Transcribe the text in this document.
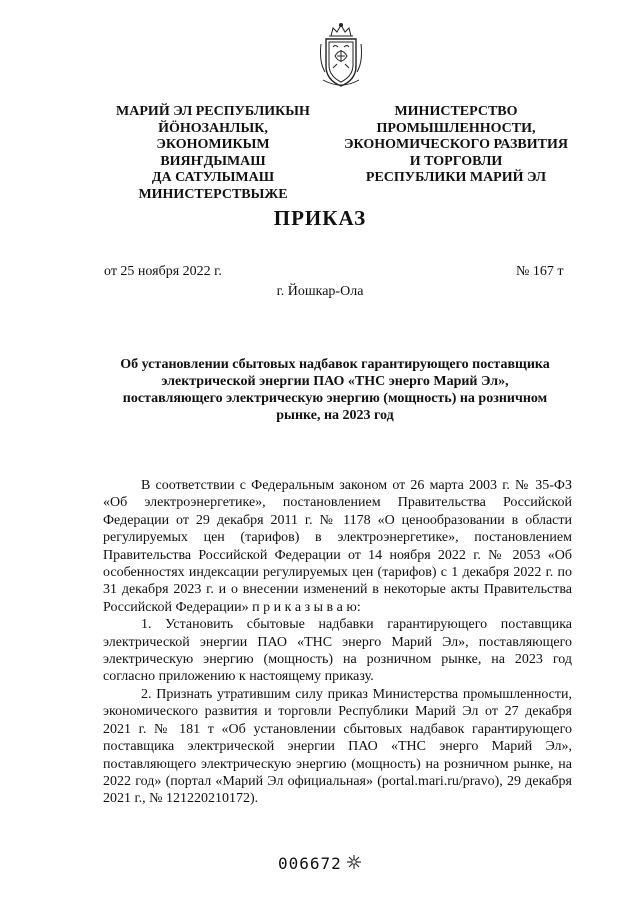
МАРИЙ ЭЛ РЕСПУБЛИКЫН

ЙӦНОЗАНЛЫК, ЭКОНОМИКЫМ

ВИЯҤДЫМАШ

ДА САТУЛЫМАШ

МИНИСТЕРСТВЫЖЕ

МИНИСТЕРСТВО

ПРОМЫШЛЕННОСТИ,

ЭКОНОМИЧЕСКОГО РАЗВИТИЯ

И ТОРГОВЛИ

РЕСПУБЛИКИ МАРИЙ ЭЛ

ПРИКАЗ
от 25 ноября 2022 г.	№ 167 т
г. Йошкар-Ола

Об установлении сбытовых надбавок гарантирующего поставщика электрической энергии ПАО «ТНС энерго Марий Эл», поставляющего электрическую энергию (мощность) на розничном рынке, на 2023 год

В соответствии с Федеральным законом от 26 марта 2003 г. № 35-ФЗ «Об электроэнергетике», постановлением Правительства Российской Федерации от 29 декабря 2011 г. № 1178 «О ценообразовании в области регулируемых цен (тарифов) в электроэнергетике», постановлением Правительства Российской Федерации от 14 ноября 2022 г. № 2053 «Об особенностях индексации регулируемых цен (тарифов) с 1 декабря 2022 г. по 31 декабря 2023 г. и о внесении изменений в некоторые акты Правительства Российской Федерации» п р и к а з ы в а ю:

1. Установить сбытовые надбавки гарантирующего поставщика электрической энергии ПАО «ТНС энерго Марий Эл», поставляющего электрическую энергию (мощность) на розничном рынке, на 2023 год согласно приложению к настоящему приказу.

2. Признать утратившим силу приказ Министерства промышленности, экономического развития и торговли Республики Марий Эл от 27 декабря 2021 г. № 181 т «Об установлении сбытовых надбавок гарантирующего поставщика электрической энергии ПАО «ТНС энерго Марий Эл», поставляющего электрическую энергию (мощность) на розничном рынке, на 2022 год» (портал «Марий Эл официальная» (portal.mari.ru/pravo), 29 декабря 2021 г., № 121220210172).

006672
